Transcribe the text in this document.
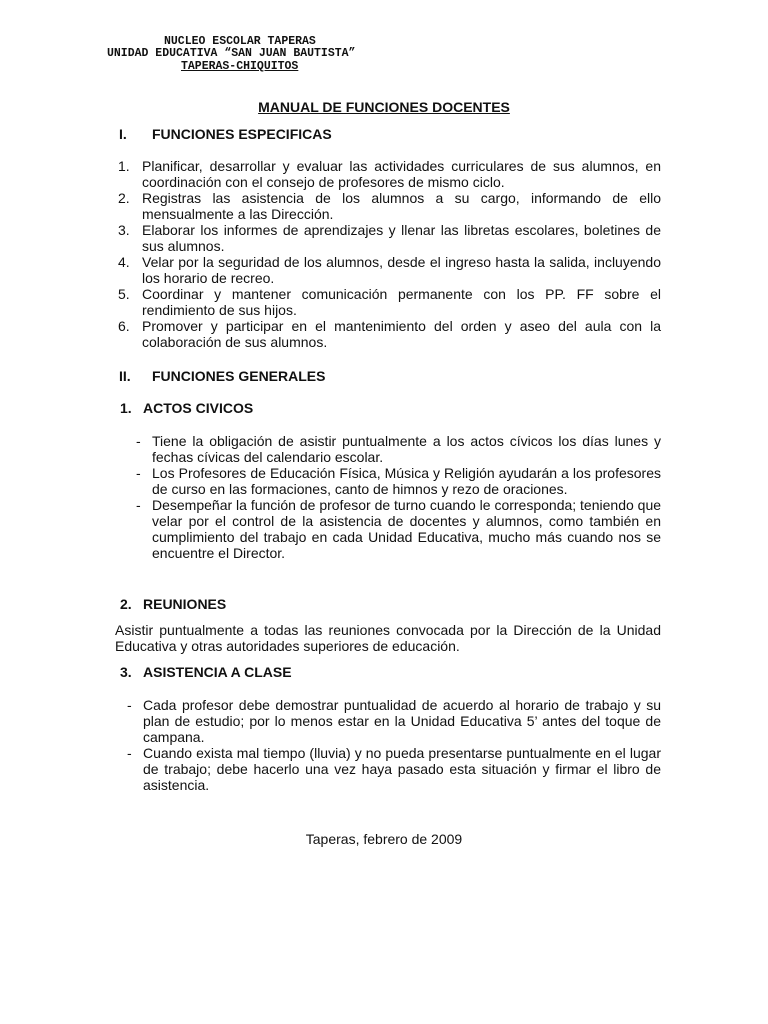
NUCLEO ESCOLAR TAPERAS
UNIDAD EDUCATIVA “SAN JUAN BAUTISTA”
TAPERAS-CHIQUITOS
MANUAL DE FUNCIONES DOCENTES
I. FUNCIONES ESPECIFICAS
1. Planificar, desarrollar y evaluar las actividades curriculares de sus alumnos, en coordinación con el consejo de profesores de mismo ciclo.
2. Registras las asistencia de los alumnos a su cargo, informando de ello mensualmente a las Dirección.
3. Elaborar los informes de aprendizajes y llenar las libretas escolares, boletines de sus alumnos.
4. Velar por la seguridad de los alumnos, desde el ingreso hasta la salida, incluyendo los horario de recreo.
5. Coordinar y mantener comunicación permanente con los PP. FF sobre el rendimiento de sus hijos.
6. Promover y participar en el mantenimiento del orden y aseo del aula con la colaboración de sus alumnos.
II. FUNCIONES GENERALES
1. ACTOS CIVICOS
- Tiene la obligación de asistir puntualmente a los actos cívicos los días lunes y fechas cívicas del calendario escolar.
- Los Profesores de Educación Física, Música y Religión ayudarán a los profesores de curso en las formaciones, canto de himnos y rezo de oraciones.
- Desempeñar la función de profesor de turno cuando le corresponda; teniendo que velar por el control de la asistencia de docentes y alumnos, como también en cumplimiento del trabajo en cada Unidad Educativa, mucho más cuando nos se encuentre el Director.
2. REUNIONES

Asistir puntualmente a todas las reuniones convocada por la Dirección de la Unidad Educativa y otras autoridades superiores de educación.

3. ASISTENCIA A CLASE
- Cada profesor debe demostrar puntualidad de acuerdo al horario de trabajo y su plan de estudio; por lo menos estar en la Unidad Educativa 5’ antes del toque de campana.
- Cuando exista mal tiempo (lluvia) y no pueda presentarse puntualmente en el lugar de trabajo; debe hacerlo una vez haya pasado esta situación y firmar el libro de asistencia.
Taperas, febrero de 2009
